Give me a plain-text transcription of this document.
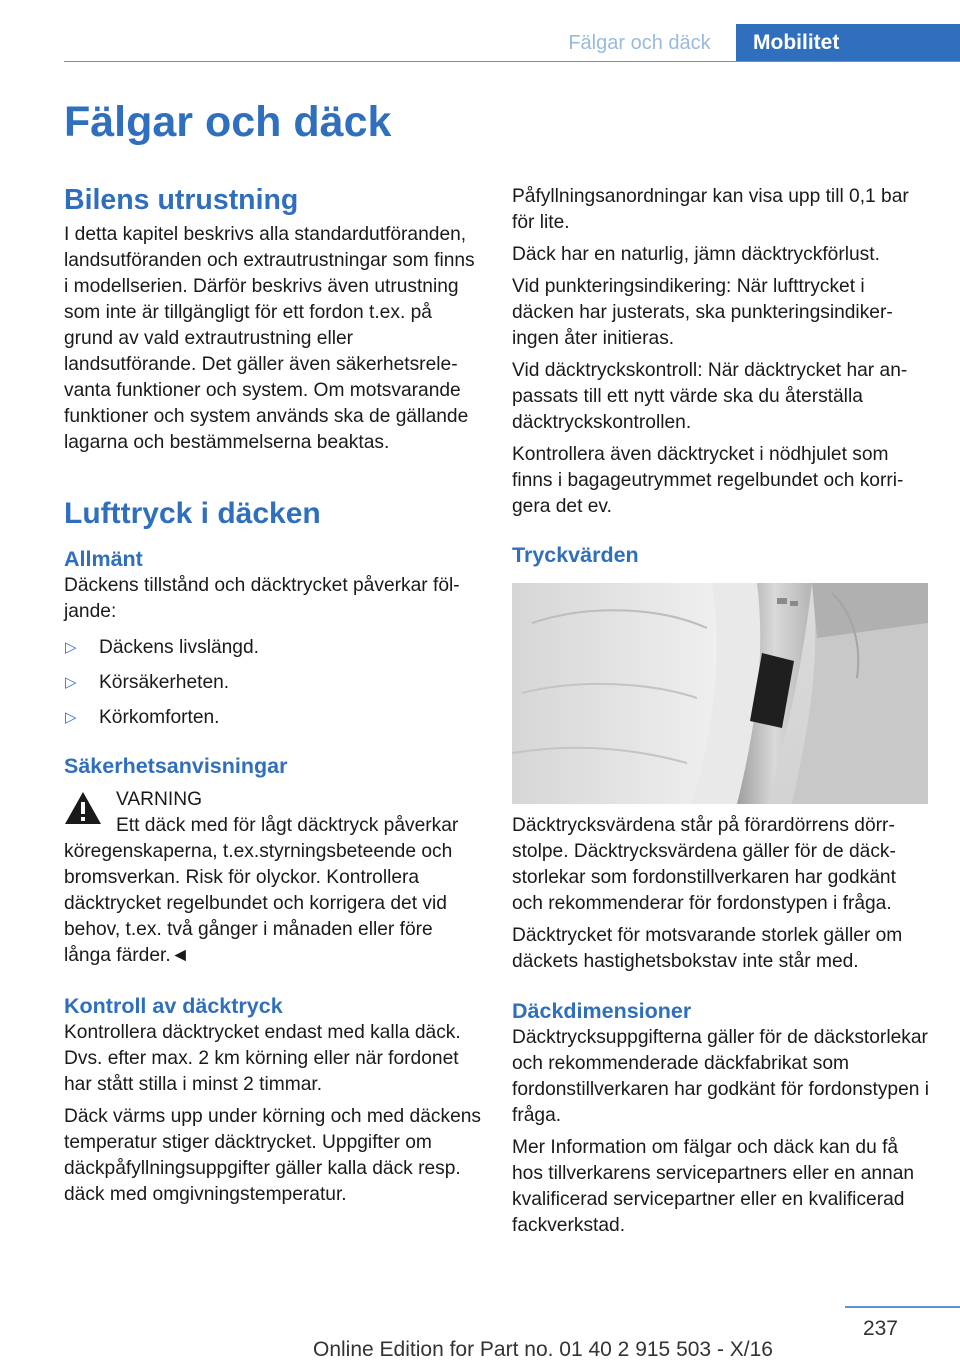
Fälgar och däck	Mobilitet
Fälgar och däck
Bilens utrustning
I detta kapitel beskrivs alla standardutföranden, landsutföranden och extrautrustningar som finns i modellserien. Därför beskrivs även utrustning som inte är tillgängligt för ett fordon t.ex. på grund av vald extrautrustning eller landsutförande. Det gäller även säkerhetsrelevanta funktioner och system. Om motsvarande funktioner och system används ska de gällande lagarna och bestämmelserna beaktas.
Lufttryck i däcken
Allmänt
Däckens tillstånd och däcktrycket påverkar följande:
▷ Däckens livslängd.
▷ Körsäkerheten.
▷ Körkomforten.
Säkerhetsanvisningar
VARNING
Ett däck med för lågt däcktryck påverkar
köregenskaperna, t.ex.styrningsbeteende och bromsverkan. Risk för olyckor. Kontrollera däcktrycket regelbundet och korrigera det vid behov, t.ex. två gånger i månaden eller före långa färder.◄
Kontroll av däcktryck
Kontrollera däcktrycket endast med kalla däck. Dvs. efter max. 2 km körning eller när fordonet har stått stilla i minst 2 timmar.
Däck värms upp under körning och med däckens temperatur stiger däcktrycket. Uppgifter om däckpåfyllningsuppgifter gäller kalla däck resp. däck med omgivningstemperatur.
Påfyllningsanordningar kan visa upp till 0,1 bar för lite.
Däck har en naturlig, jämn däcktryckförlust.
Vid punkteringsindikering: När lufttrycket i däcken har justerats, ska punkteringsindikeringen åter initieras.
Vid däcktryckskontroll: När däcktrycket har anpassats till ett nytt värde ska du återställa däcktryckskontrollen.
Kontrollera även däcktrycket i nödhjulet som finns i bagageutrymmet regelbundet och korrigera det ev.
Tryckvärden
Däcktrycksvärdena står på förardörrens dörrstolpe. Däcktrycksvärdena gäller för de däckstorlekar som fordonstillverkaren har godkänt och rekommenderar för fordonstypen i fråga.
Däcktrycket för motsvarande storlek gäller om däckets hastighetsbokstav inte står med.
Däckdimensioner
Däcktrycksuppgifterna gäller för de däckstorlekar och rekommenderade däckfabrikat som fordonstillverkaren har godkänt för fordonstypen i fråga.
Mer Information om fälgar och däck kan du få hos tillverkarens servicepartners eller en annan kvalificerad servicepartner eller en kvalificerad fackverkstad.
237
Online Edition for Part no. 01 40 2 915 503 - X/16
